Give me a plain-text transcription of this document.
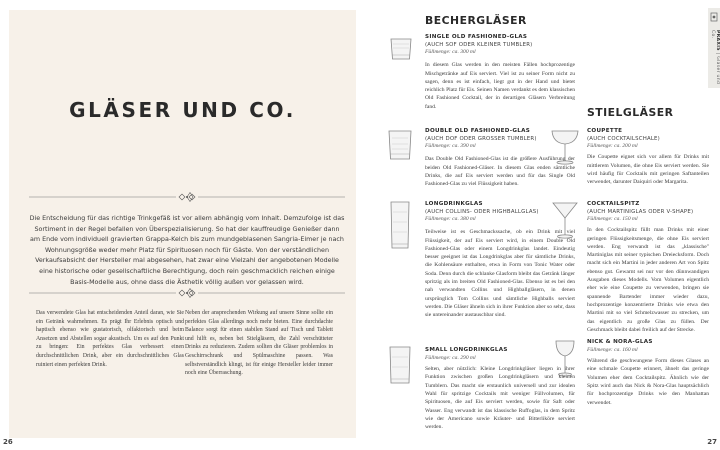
GLÄSER UND CO.
Die Entscheidung für das richtige Trinkgefäß ist vor allem abhängig vom Inhalt. Demzufolge ist das Sortiment in der Regel befallen von Überspezialisierung. So hat der kauffreudige Genießer dann am Ende vom individuell gravierten Grappa-Kelch bis zum mundgeblasenen Sangria-Eimer je nach Wohnungsgröße weder mehr Platz für Spirituosen noch für Gäste. Von der verständlichen Verkaufsabsicht der Hersteller mal abgesehen, hat zwar eine Vielzahl der angebotenen Modelle eine historische oder gesellschaftliche Berechtigung, doch rein geschmacklich reichen einige Basis-Modelle aus, ohne dass die Ästhetik völlig außen vor gelassen wird.
Das verwendete Glas hat entscheidenden Anteil daran, wie Sie ein Getränk wahrnehmen. Es prägt Ihr Erlebnis optisch und haptisch ebenso wie gustatorisch, olfaktorisch und beim Ansetzen und Abstellen sogar akustisch. Um es auf den Punkt zu bringen: Ein perfektes Glas verbessert einen durchschnittlichen Drink, aber ein durchschnittliches Glas ruiniert einen perfekten Drink.
Neben der ansprechenden Wirkung auf unsere Sinne sollte ein perfektes Glas allerdings noch mehr bieten. Eine durchdachte Balance sorgt für einen stabilen Stand auf Tisch und Tablett und hilft es, neben bei Stielgläsern, die Zahl verschütteter Drinks zu reduzieren. Zudem sollten die Gläser problemlos in Geschirrschrank und Spülmaschine passen. Was selbstverständlich klingt, ist für einige Hersteller leider immer noch eine Überraschung.
26
BECHERGLÄSER
STIELGLÄSER
SINGLE OLD FASHIONED-GLAS
(AUCH SOF ODER KLEINER TUMBLER)
Füllmenge: ca. 300 ml
In diesem Glas werden in den meisten Fällen hochprozentige Mischgetränke auf Eis serviert. Viel ist zu seiner Form nicht zu sagen, denn es ist einfach, liegt gut in der Hand und bietet reichlich Platz für Eis. Seinen Namen verdankt es dem klassischen Old Fashioned Cocktail, der in derartigen Gläsern Verbreitung fand.
DOUBLE OLD FASHIONED-GLAS
(AUCH DOF ODER GROSSER TUMBLER)
Füllmenge: ca. 390 ml
Das Double Old Fashioned-Glas ist die größere Ausführung der beiden Old Fashioned-Gläser. In diesem Glas enden sämtliche Drinks, die auf Eis serviert werden und für das Single Old Fashioned-Glas zu viel Flüssigkeit haben.
LONGDRINKGLAS
(AUCH COLLINS- ODER HIGHBALLGLAS)
Füllmenge: ca. 380 ml
Teilweise ist es Geschmackssache, ob ein Drink mit viel Flüssigkeit, der auf Eis serviert wird, in einem Double Old Fashioned-Glas oder einem Longdrinkglas landet. Eindeutig besser geeignet ist das Longdrinkglas aber für sämtliche Drinks, die Kohlensäure enthalten, etwa in Form von Tonic Water oder Soda. Denn durch die schlanke Glasform bleibt das Getränk länger spritzig als im breiten Old Fashioned-Glas. Ebenso ist es bei den nah verwandten Collins und Highballgläsern, in denen ursprünglich Tom Collins und sämtliche Highballs serviert werden. Die Gläser ähneln sich in ihrer Funktion aber so sehr, dass sie untereinander austauschbar sind.
SMALL LONGDRINKGLAS
Füllmenge: ca. 290 ml
Selten, aber nützlich: Kleine Longdrinkgläser liegen in ihrer Funktion zwischen großen Longdrinkgläsern und kleinen Tumblern. Das macht sie erstaunlich universell und zur idealen Wahl für spritzige Cocktails mit weniger Füllvolumen, für Spirituosen, die auf Eis serviert werden, sowie für Saft oder Wasser. Eng verwandt ist das klassische Ruffoglas, in dem Spritz wie der Americano sowie Kräuter- und Bitterliköre serviert werden.
COUPETTE
(AUCH COCKTAILSCHALE)
Füllmenge: ca. 200 ml
Die Coupette eignet sich vor allem für Drinks mit mittlerem Volumen, die ohne Eis serviert werden. Sie wird häufig für Cocktails mit geringen Saftanteilen verwendet, darunter Daiquiri oder Margarita.
COCKTAILSPITZ
(AUCH MARTINIGLAS ODER V-SHAPE)
Füllmenge: ca. 150 ml
In den Cocktailspitz füllt man Drinks mit einer geringen Flüssigkeitsmenge, die ohne Eis serviert werden. Eng verwandt ist das „klassische" Martiniglas mit seiner typischen Dreiecksform. Doch macht sich ein Martini in jeder anderen Art von Spitz ebenso gut. Gewarnt sei nur vor den dünnwandigen Ausgaben dieses Modells. Vom Volumen eigentlich eher wie eine Coupette zu verwenden, bringen sie spannende Bartender immer wieder dazu, hochprozentige konzentrierte Drinks wie etwa den Martini mit so viel Schmelzwasser zu strecken, um das eigentlich zu große Glas zu füllen. Der Geschmack bleibt dabei freilich auf der Strecke.
NICK & NORA-GLAS
Füllmenge: ca. 160 ml
Während die geschwungene Form dieses Glases an eine schmale Coupette erinnert, ähnelt das geringe Volumen eher dem Cocktailspitz. Ähnlich wie der Spitz wird auch das Nick & Nora-Glas hauptsächlich für hochprozentige Drinks wie den Manhattan verwendet.
PRAXIS | Gläser und Co.
27
